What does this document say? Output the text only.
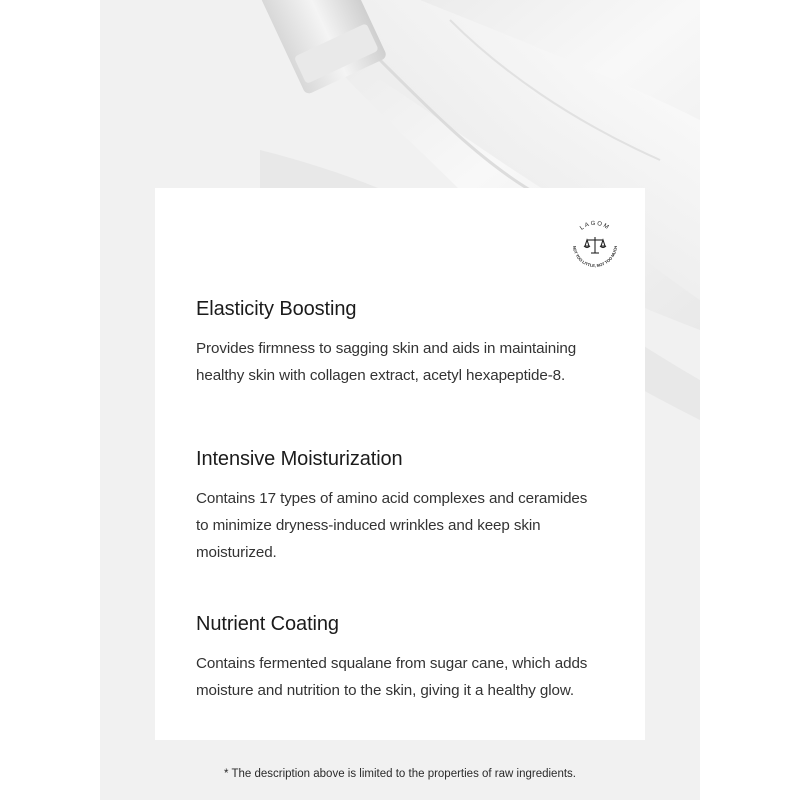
LAGOM
NOT TOO LITTLE, NOT TOO MUCH
Elasticity Boosting

Provides firmness to sagging skin and aids in maintaining
healthy skin with collagen extract, acetyl hexapeptide-8.

Intensive Moisturization

Contains 17 types of amino acid complexes and ceramides
to minimize dryness-induced wrinkles and keep skin
moisturized.

Nutrient Coating

Contains fermented squalane from sugar cane, which adds
moisture and nutrition to the skin, giving it a healthy glow.

* The description above is limited to the properties of raw ingredients.
